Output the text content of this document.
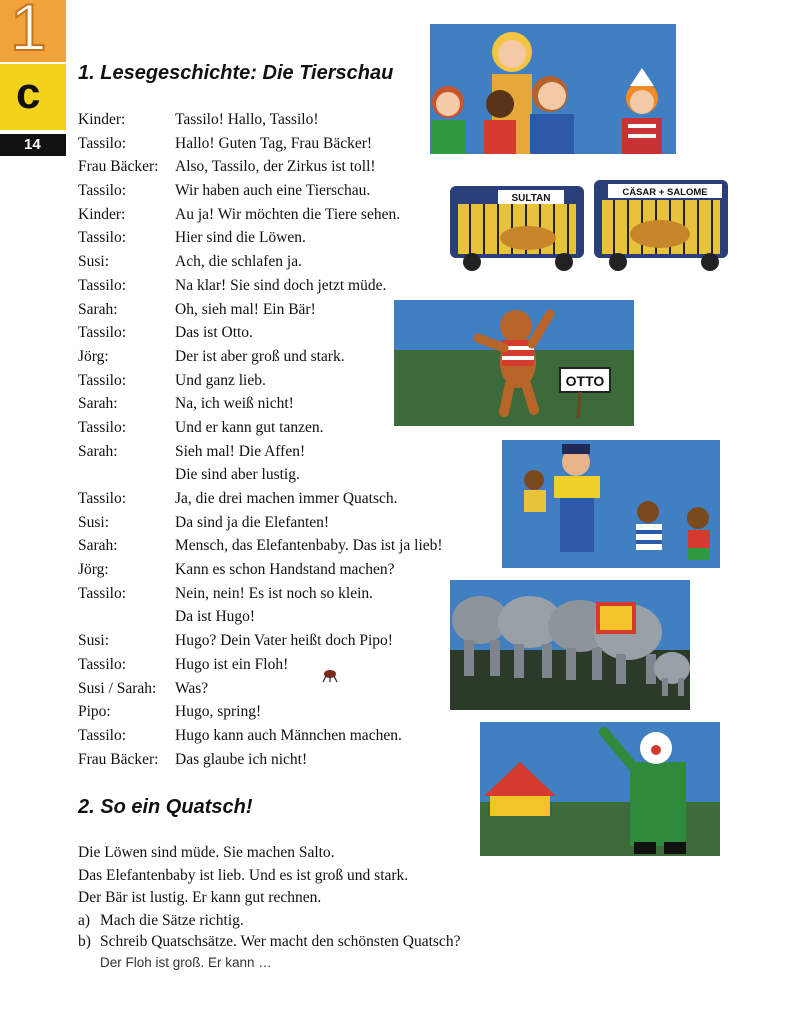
1
c
14
1. Lesegeschichte: Die Tierschau
Kinder:	Tassilo! Hallo, Tassilo!
Tassilo:	Hallo! Guten Tag, Frau Bäcker!
Frau Bäcker: Also, Tassilo, der Zirkus ist toll!
Tassilo:	Wir haben auch eine Tierschau.
Kinder:	Au ja! Wir möchten die Tiere sehen.
Tassilo:	Hier sind die Löwen.
Susi:	Ach, die schlafen ja.
Tassilo:	Na klar! Sie sind doch jetzt müde.
Sarah:	Oh, sieh mal! Ein Bär!
Tassilo:	Das ist Otto.
Jörg:	Der ist aber groß und stark.
Tassilo:	Und ganz lieb.
Sarah:	Na, ich weiß nicht!
Tassilo:	Und er kann gut tanzen.
Sarah:	Sieh mal! Die Affen!
Die sind aber lustig.
Tassilo:	Ja, die drei machen immer Quatsch.
Susi:	Da sind ja die Elefanten!
Sarah:	Mensch, das Elefantenbaby. Das ist ja lieb!
Jörg:	Kann es schon Handstand machen?
Tassilo:	Nein, nein! Es ist noch so klein.
Da ist Hugo!
Susi:	Hugo? Dein Vater heißt doch Pipo!
Tassilo:	Hugo ist ein Floh!
Susi / Sarah: Was?
Pipo:	Hugo, spring!
Tassilo:	Hugo kann auch Männchen machen.
Frau Bäcker: Das glaube ich nicht!
SULTAN
CÄSAR + SALOME
OTTO
2. So ein Quatsch!
Die Löwen sind müde. Sie machen Salto.
Das Elefantenbaby ist lieb. Und es ist groß und stark.
Der Bär ist lustig. Er kann gut rechnen.
a) Mach die Sätze richtig.
b) Schreib Quatschsätze. Wer macht den schönsten Quatsch?
Der Floh ist groß. Er kann …
